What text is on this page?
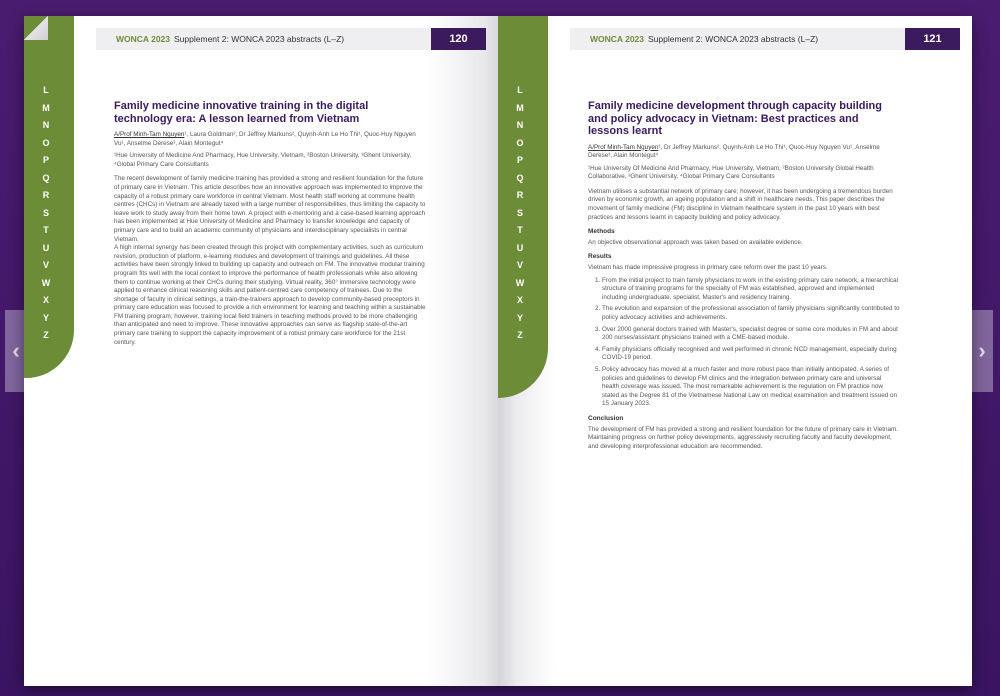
‹	›
L
M
N
O
P
Q
R
S
T
U
V
W
X
Y
Z
WONCA 2023 Supplement 2: WONCA 2023 abstracts (L–Z)	120
Family medicine innovative training in the digital technology era: A lesson learned from Vietnam

A/Prof Minh-Tam Nguyen¹, Laura Goldman², Dr Jeffrey Markuns², Quynh-Anh Le Ho Thi¹, Quoc-Huy Nguyen Vu¹, Anselme Derese³, Alain Montegut⁴

¹Hue University of Medicine And Pharmacy, Hue University, Vietnam, ²Boston University, ³Ghent University, ⁴Global Primary Care Consultants

The recent development of family medicine training has provided a strong and resilient foundation for the future of primary care in Vietnam. This article describes how an innovative approach was implemented to improve the capacity of a robust primary care workforce in central Vietnam. Most health staff working at commune health centres (CHCs) in Vietnam are already taxed with a large number of responsibilities, thus limiting the capacity to leave work to study away from their home town. A project with e-mentoring and a case-based learning approach has been implemented at Hue University of Medicine and Pharmacy to transfer knowledge and capacity of primary care and to build an academic community of physicians and interdisciplinary specialists in central Vietnam.

A high internal synergy has been created through this project with complementary activities, such as curriculum revision, production of platform, e-learning modules and development of trainings and guidelines. All these activities have been strongly linked to building up capacity and outreach on FM. The innovative modular training program fits well with the local context to improve the performance of health professionals while also allowing them to continue working at their CHCs during their studying. Virtual reality, 360° immersive technology were applied to enhance clinical reasoning skills and patient-centred care competency of trainees. Due to the shortage of faculty in clinical settings, a train-the-trainers approach to develop community-based preceptors in primary care education was focused to provide a rich environment for learning and teaching within a sustainable FM training program; however, training local field trainers in teaching methods proved to be more challenging than anticipated and need to improve. These innovative approaches can serve as flagship state-of-the-art primary care training to support the capacity improvement of a robust primary care workforce for the 21st century.

L
M
N
O
P
Q
R
S
T
U
V
W
X
Y
Z
WONCA 2023 Supplement 2: WONCA 2023 abstracts (L–Z)	121
Family medicine development through capacity building and policy advocacy in Vietnam: Best practices and lessons learnt

A/Prof Minh-Tam Nguyen¹, Dr Jeffrey Markuns², Quynh-Anh Le Ho Thi¹, Quoc-Huy Nguyen Vu¹, Anselme Derese³, Alain Montegut⁴

¹Hue University Of Medicine And Pharmacy, Hue University, Vietnam, ²Boston University Global Health Collaborative, ³Ghent University, ⁴Global Primary Care Consultants

Vietnam utilises a substantial network of primary care; however, it has been undergoing a tremendous burden driven by economic growth, an ageing population and a shift in healthcare needs. This paper describes the movement of family medicine (FM) discipline in Vietnam healthcare system in the past 10 years with best practices and lessons learnt in capacity building and policy advocacy.

Methods

An objective observational approach was taken based on available evidence.

Results

Vietnam has made impressive progress in primary care reform over the past 10 years.

1. From the initial project to train family physicians to work in the existing primary care network, a hierarchical structure of training programs for the specialty of FM was established, approved and implemented including undergraduate, specialist, Master's and residency training.
2. The evolution and expansion of the professional association of family physicians significantly contributed to policy advocacy activities and achievements.
3. Over 2000 general doctors trained with Master's, specialist degree or some core modules in FM and about 200 nurses/assistant physicians trained with a CME-based module.
4. Family physicians officially recognised and well performed in chronic NCD management, especially during COVID-19 period.
5. Policy advocacy has moved at a much faster and more robust pace than initially anticipated. A series of policies and guidelines to develop FM clinics and the integration between primary care and universal health coverage was issued. The most remarkable achievement is the regulation on FM practice now stated as the Degree 81 of the Vietnamese National Law on medical examination and treatment issued on 15 January 2023.
Conclusion

The development of FM has provided a strong and resilient foundation for the future of primary care in Vietnam. Maintaining progress on further policy developments, aggressively recruiting faculty and faculty development, and developing interprofessional education are recommended.
